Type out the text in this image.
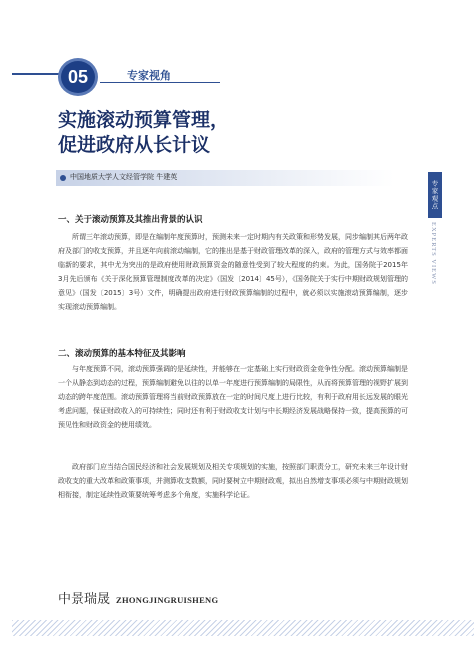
05	专家视角
实施滚动预算管理，
促进政府从长计议
中国地质大学人文经管学院 牛建英
专家观点
EXPERTS VIEWS
一、关于滚动预算及其推出背景的认识

所谓三年滚动预算，即是在编制年度预算时，预测未来一定时期内有关政策和形势发展，同步编制其后两年政府及部门的收支预算，并且逐年向前滚动编制，它的推出是基于财政管理改革的深入，政府的管理方式与效率都面临新的要求，其中尤为突出的是政府使用财政预算资金的随意性受到了较大程度的约束。为此，国务院于2015年3月先后颁布《关于深化预算管理制度改革的决定》（国发〔2014〕45号），《国务院关于实行中期财政规划管理的意见》（国发〔2015〕3号）文件，明确提出政府进行财政预算编制的过程中，就必须以实施滚动预算编制，逐步实现滚动预算编制。

二、滚动预算的基本特征及其影响

与年度预算不同，滚动预算强调的是延续性，并能够在一定基础上实行财政资金竞争性分配。滚动预算编制是一个从静态到动态的过程，预算编制避免以往的以单一年度进行预算编制的局限性，从而将预算管理的视野扩展到动态的跨年度范围。滚动预算管理将当前财政预算放在一定的时间尺度上进行比较，有利于政府用长远发展的眼光考虑问题，保证财政收入的可持续性；同时还有利于财政收支计划与中长期经济发展战略保持一致，提高预算的可预见性和财政资金的使用绩效。

政府部门应当结合国民经济和社会发展规划及相关专项规划的实施，按照部门职责分工，研究未来三年设计财政收支的重大改革和政策事项，并测算收支数额，同时要树立中期财政观，拟出自然增支事项必须与中期财政规划相衔接，制定延续性政策要统筹考虑多个角度，实施科学论证。

中景瑞晟 ZHONGJINGRUISHENG
